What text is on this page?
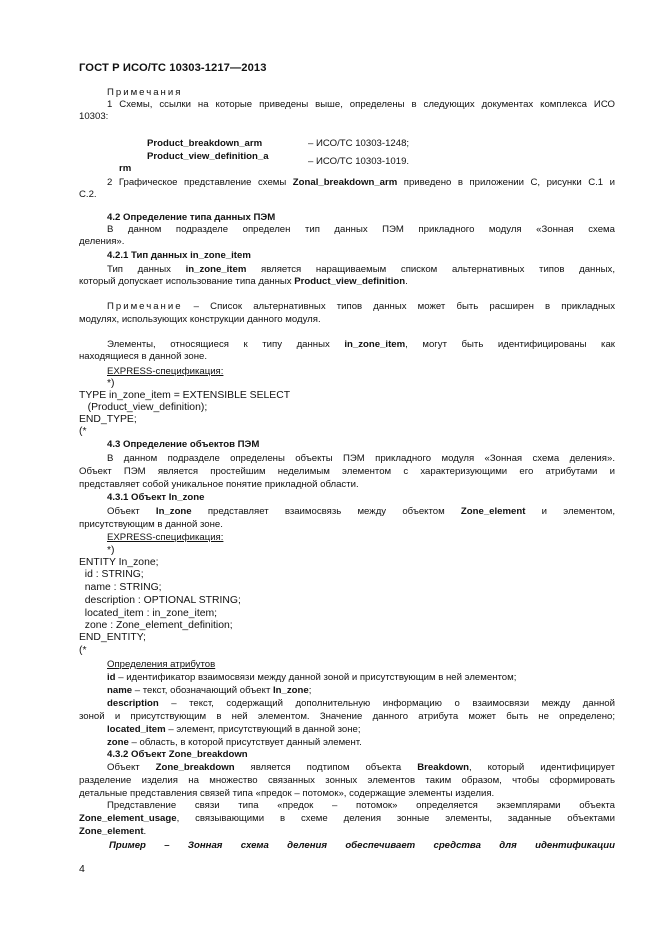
ГОСТ Р ИСО/ТС 10303-1217—2013
Примечания
1 Схемы, ссылки на которые приведены выше, определены в следующих документах комплекса ИСО
10303:
Product_breakdown_arm	– ИСО/ТС 10303-1248;
Product_view_definition_a	– ИСО/ТС 10303-1019.
rm
2 Графическое представление схемы Zonal_breakdown_arm приведено в приложении С, рисунки С.1 и
С.2.
4.2 Определение типа данных ПЭМ
В данном подразделе определен тип данных ПЭМ прикладного модуля «Зонная схема
деления».
4.2.1 Тип данных in_zone_item
Тип данных in_zone_item является наращиваемым списком альтернативных типов данных,
который допускает использование типа данных Product_view_definition.
Примечание – Список альтернативных типов данных может быть расширен в прикладных
модулях, использующих конструкции данного модуля.
Элементы, относящиеся к типу данных in_zone_item, могут быть идентифицированы как
находящиеся в данной зоне.
EXPRESS-спецификация:
*)
TYPE in_zone_item = EXTENSIBLE SELECT
(Product_view_definition);
END_TYPE;
(*
4.3 Определение объектов ПЭМ
В данном подразделе определены объекты ПЭМ прикладного модуля «Зонная схема деления».
Объект ПЭМ является простейшим неделимым элементом с характеризующими его атрибутами и
представляет собой уникальное понятие прикладной области.
4.3.1 Объект In_zone
Объект In_zone представляет взаимосвязь между объектом Zone_element и элементом,
присутствующим в данной зоне.
EXPRESS-спецификация:
*)
ENTITY In_zone;
id : STRING;
name : STRING;
description : OPTIONAL STRING;
located_item : in_zone_item;
zone : Zone_element_definition;
END_ENTITY;
(*
Определения атрибутов
id – идентификатор взаимосвязи между данной зоной и присутствующим в ней элементом;
name – текст, обозначающий объект In_zone;
description – текст, содержащий дополнительную информацию о взаимосвязи между данной
зоной и присутствующим в ней элементом. Значение данного атрибута может быть не определено;
located_item – элемент, присутствующий в данной зоне;
zone – область, в которой присутствует данный элемент.
4.3.2 Объект Zone_breakdown
Объект Zone_breakdown является подтипом объекта Breakdown, который идентифицирует
разделение изделия на множество связанных зонных элементов таким образом, чтобы сформировать
детальные представления связей типа «предок – потомок», содержащие элементы изделия.
Представление связи типа «предок – потомок» определяется экземплярами объекта
Zone_element_usage, связывающими в схеме деления зонные элементы, заданные объектами
Zone_element.
Пример – Зонная схема деления обеспечивает средства для идентификации
4
